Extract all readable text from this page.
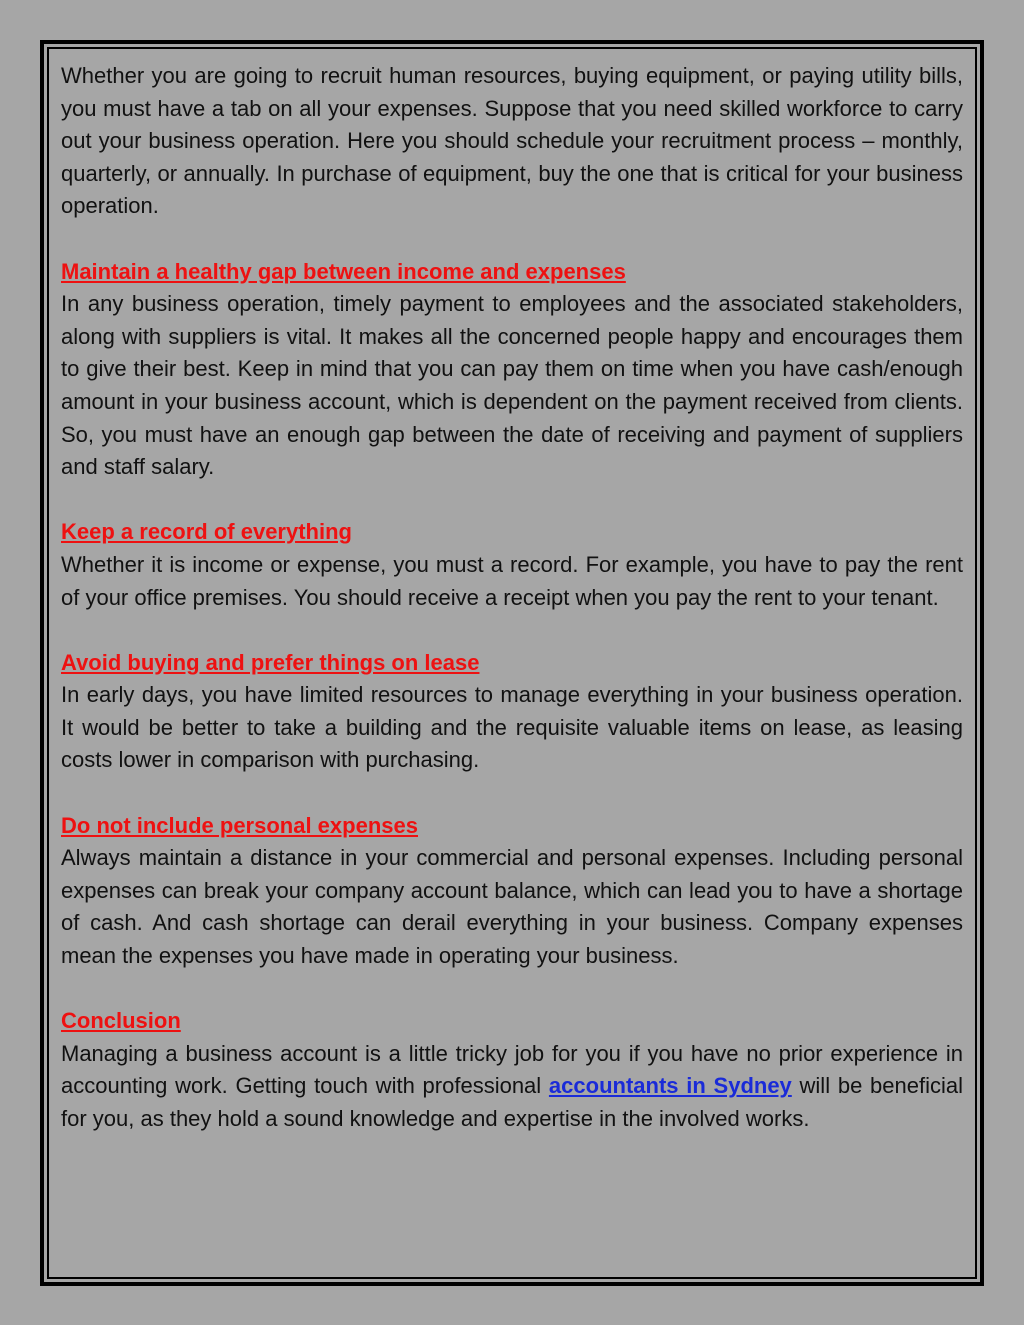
Whether you are going to recruit human resources, buying equipment, or paying utility bills, you must have a tab on all your expenses. Suppose that you need skilled workforce to carry out your business operation. Here you should schedule your recruitment process – monthly, quarterly, or annually. In purchase of equipment, buy the one that is critical for your business operation.

Maintain a healthy gap between income and expenses

In any business operation, timely payment to employees and the associated stakeholders, along with suppliers is vital. It makes all the concerned people happy and encourages them to give their best. Keep in mind that you can pay them on time when you have cash/enough amount in your business account, which is dependent on the payment received from clients. So, you must have an enough gap between the date of receiving and payment of suppliers and staff salary.

Keep a record of everything

Whether it is income or expense, you must a record. For example, you have to pay the rent of your office premises. You should receive a receipt when you pay the rent to your tenant.

Avoid buying and prefer things on lease

In early days, you have limited resources to manage everything in your business operation. It would be better to take a building and the requisite valuable items on lease, as leasing costs lower in comparison with purchasing.

Do not include personal expenses

Always maintain a distance in your commercial and personal expenses. Including personal expenses can break your company account balance, which can lead you to have a shortage of cash. And cash shortage can derail everything in your business. Company expenses mean the expenses you have made in operating your business.

Conclusion

Managing a business account is a little tricky job for you if you have no prior experience in accounting work. Getting touch with professional accountants in Sydney will be beneficial for you, as they hold a sound knowledge and expertise in the involved works.
